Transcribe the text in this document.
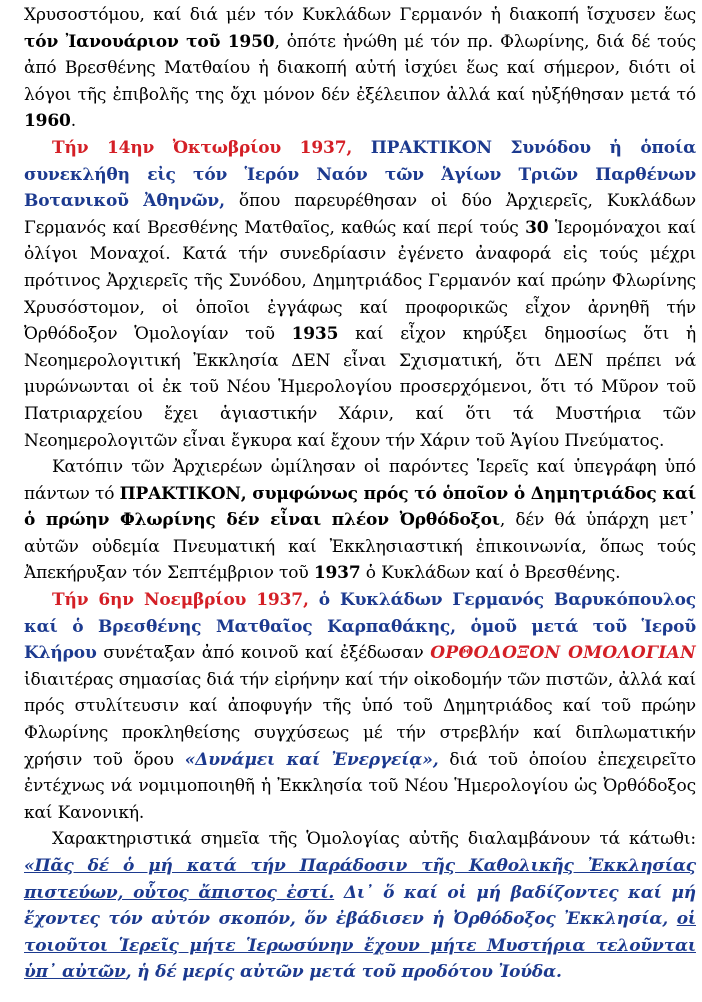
Χρυσοστόμου, καί διά μέν τόν Κυκλάδων Γερμανόν ἡ διακοπή ἴσχυσεν ἕως τόν Ἰανουάριον τοῦ 1950, ὁπότε ἡνώθη μέ τόν πρ. Φλωρίνης, διά δέ τούς ἀπό Βρεσθένης Ματθαίου ἡ διακοπή αὐτή ἰσχύει ἕως καί σήμερον, διότι οἱ λόγοι τῆς ἐπιβολῆς της ὄχι μόνον δέν ἐξέλειπον ἀλλά καί ηὐξήθησαν μετά τό 1960.

Τήν 14ην Ὀκτωβρίου 1937, ΠΡΑΚΤΙΚΟΝ Συνόδου ἡ ὁποία συνεκλήθη εἰς τόν Ἱερόν Ναόν τῶν Ἁγίων Τριῶν Παρθένων Βοτανικοῦ Ἀθηνῶν, ὅπου παρευρέθησαν οἱ δύο Ἀρχιερεῖς, Κυκλάδων Γερμανός καί Βρεσθένης Ματθαῖος, καθώς καί περί τούς 30 Ἱερομόναχοι καί ὀλίγοι Μοναχοί. Κατά τήν συνεδρίασιν ἐγένετο ἀναφορά εἰς τούς μέχρι πρότινος Ἀρχιερεῖς τῆς Συνόδου, Δημητριάδος Γερμανόν καί πρώην Φλωρίνης Χρυσόστομον, οἱ ὁποῖοι ἐγγάφως καί προφορικῶς εἶχον ἀρνηθῆ τήν Ὀρθόδοξον Ὁμολογίαν τοῦ 1935 καί εἶχον κηρύξει δημοσίως ὅτι ἡ Νεοημερολογιτική Ἐκκλησία ΔΕΝ εἶναι Σχισματική, ὅτι ΔΕΝ πρέπει νά μυρώνωνται οἱ ἐκ τοῦ Νέου Ἡμερολογίου προσερχόμενοι, ὅτι τό Μῦρον τοῦ Πατριαρχείου ἔχει ἁγιαστικήν Χάριν, καί ὅτι τά Μυστήρια τῶν Νεοημερολογιτῶν εἶναι ἔγκυρα καί ἔχουν τήν Χάριν τοῦ Ἁγίου Πνεύματος.

Κατόπιν τῶν Ἀρχιερέων ὡμίλησαν οἱ παρόντες Ἱερεῖς καί ὑπεγράφη ὑπό πάντων τό ΠΡΑΚΤΙΚΟΝ, συμφώνως πρός τό ὁποῖον ὁ Δημητριάδος καί ὁ πρώην Φλωρίνης δέν εἶναι πλέον Ὀρθόδοξοι, δέν θά ὑπάρχη μετ᾽ αὐτῶν οὐδεμία Πνευματική καί Ἐκκλησιαστική ἐπικοινωνία, ὅπως τούς Ἀπεκήρυξαν τόν Σεπτέμβριον τοῦ 1937 ὁ Κυκλάδων καί ὁ Βρεσθένης.

Τήν 6ην Νοεμβρίου 1937, ὁ Κυκλάδων Γερμανός Βαρυκόπουλος καί ὁ Βρεσθένης Ματθαῖος Καρπαθάκης, ὁμοῦ μετά τοῦ Ἱεροῦ Κλήρου συνέταξαν ἀπό κοινοῦ καί ἐξέδωσαν ΟΡΘΟΔΟΞΟΝ ΟΜΟΛΟΓΙΑΝ ἰδιαιτέρας σημασίας διά τήν εἰρήνην καί τήν οἰκοδομήν τῶν πιστῶν, ἀλλά καί πρός στυλίτευσιν καί ἀποφυγήν τῆς ὑπό τοῦ Δημητριάδος καί τοῦ πρώην Φλωρίνης προκληθείσης συγχύσεως μέ τήν στρεβλήν καί διπλωματικήν χρήσιν τοῦ ὅρου «Δυνάμει καί Ἐνεργείᾳ», διά τοῦ ὁποίου ἐπεχειρεῖτο ἐντέχνως νά νομιμοποιηθῆ ἡ Ἐκκλησία τοῦ Νέου Ἡμερολογίου ὡς Ὀρθόδοξος καί Κανονική.

Χαρακτηριστικά σημεῖα τῆς Ὁμολογίας αὐτῆς διαλαμβάνουν τά κάτωθι: «Πᾶς δέ ὁ μή κατά τήν Παράδοσιν τῆς Καθολικῆς Ἐκκλησίας πιστεύων, οὗτος ἄπιστος ἐστί. Δι᾽ ὅ καί οἱ μή βαδίζοντες καί μή ἔχοντες τόν αὐτόν σκοπόν, ὅν ἐβάδισεν ἡ Ὀρθόδοξος Ἐκκλησία, οἱ τοιοῦτοι Ἱερεῖς μήτε Ἱερωσύνην ἔχουν μήτε Μυστήρια τελοῦνται ὑπ᾽ αὐτῶν, ἡ δέ μερίς αὐτῶν μετά τοῦ προδότου Ἰούδα.
